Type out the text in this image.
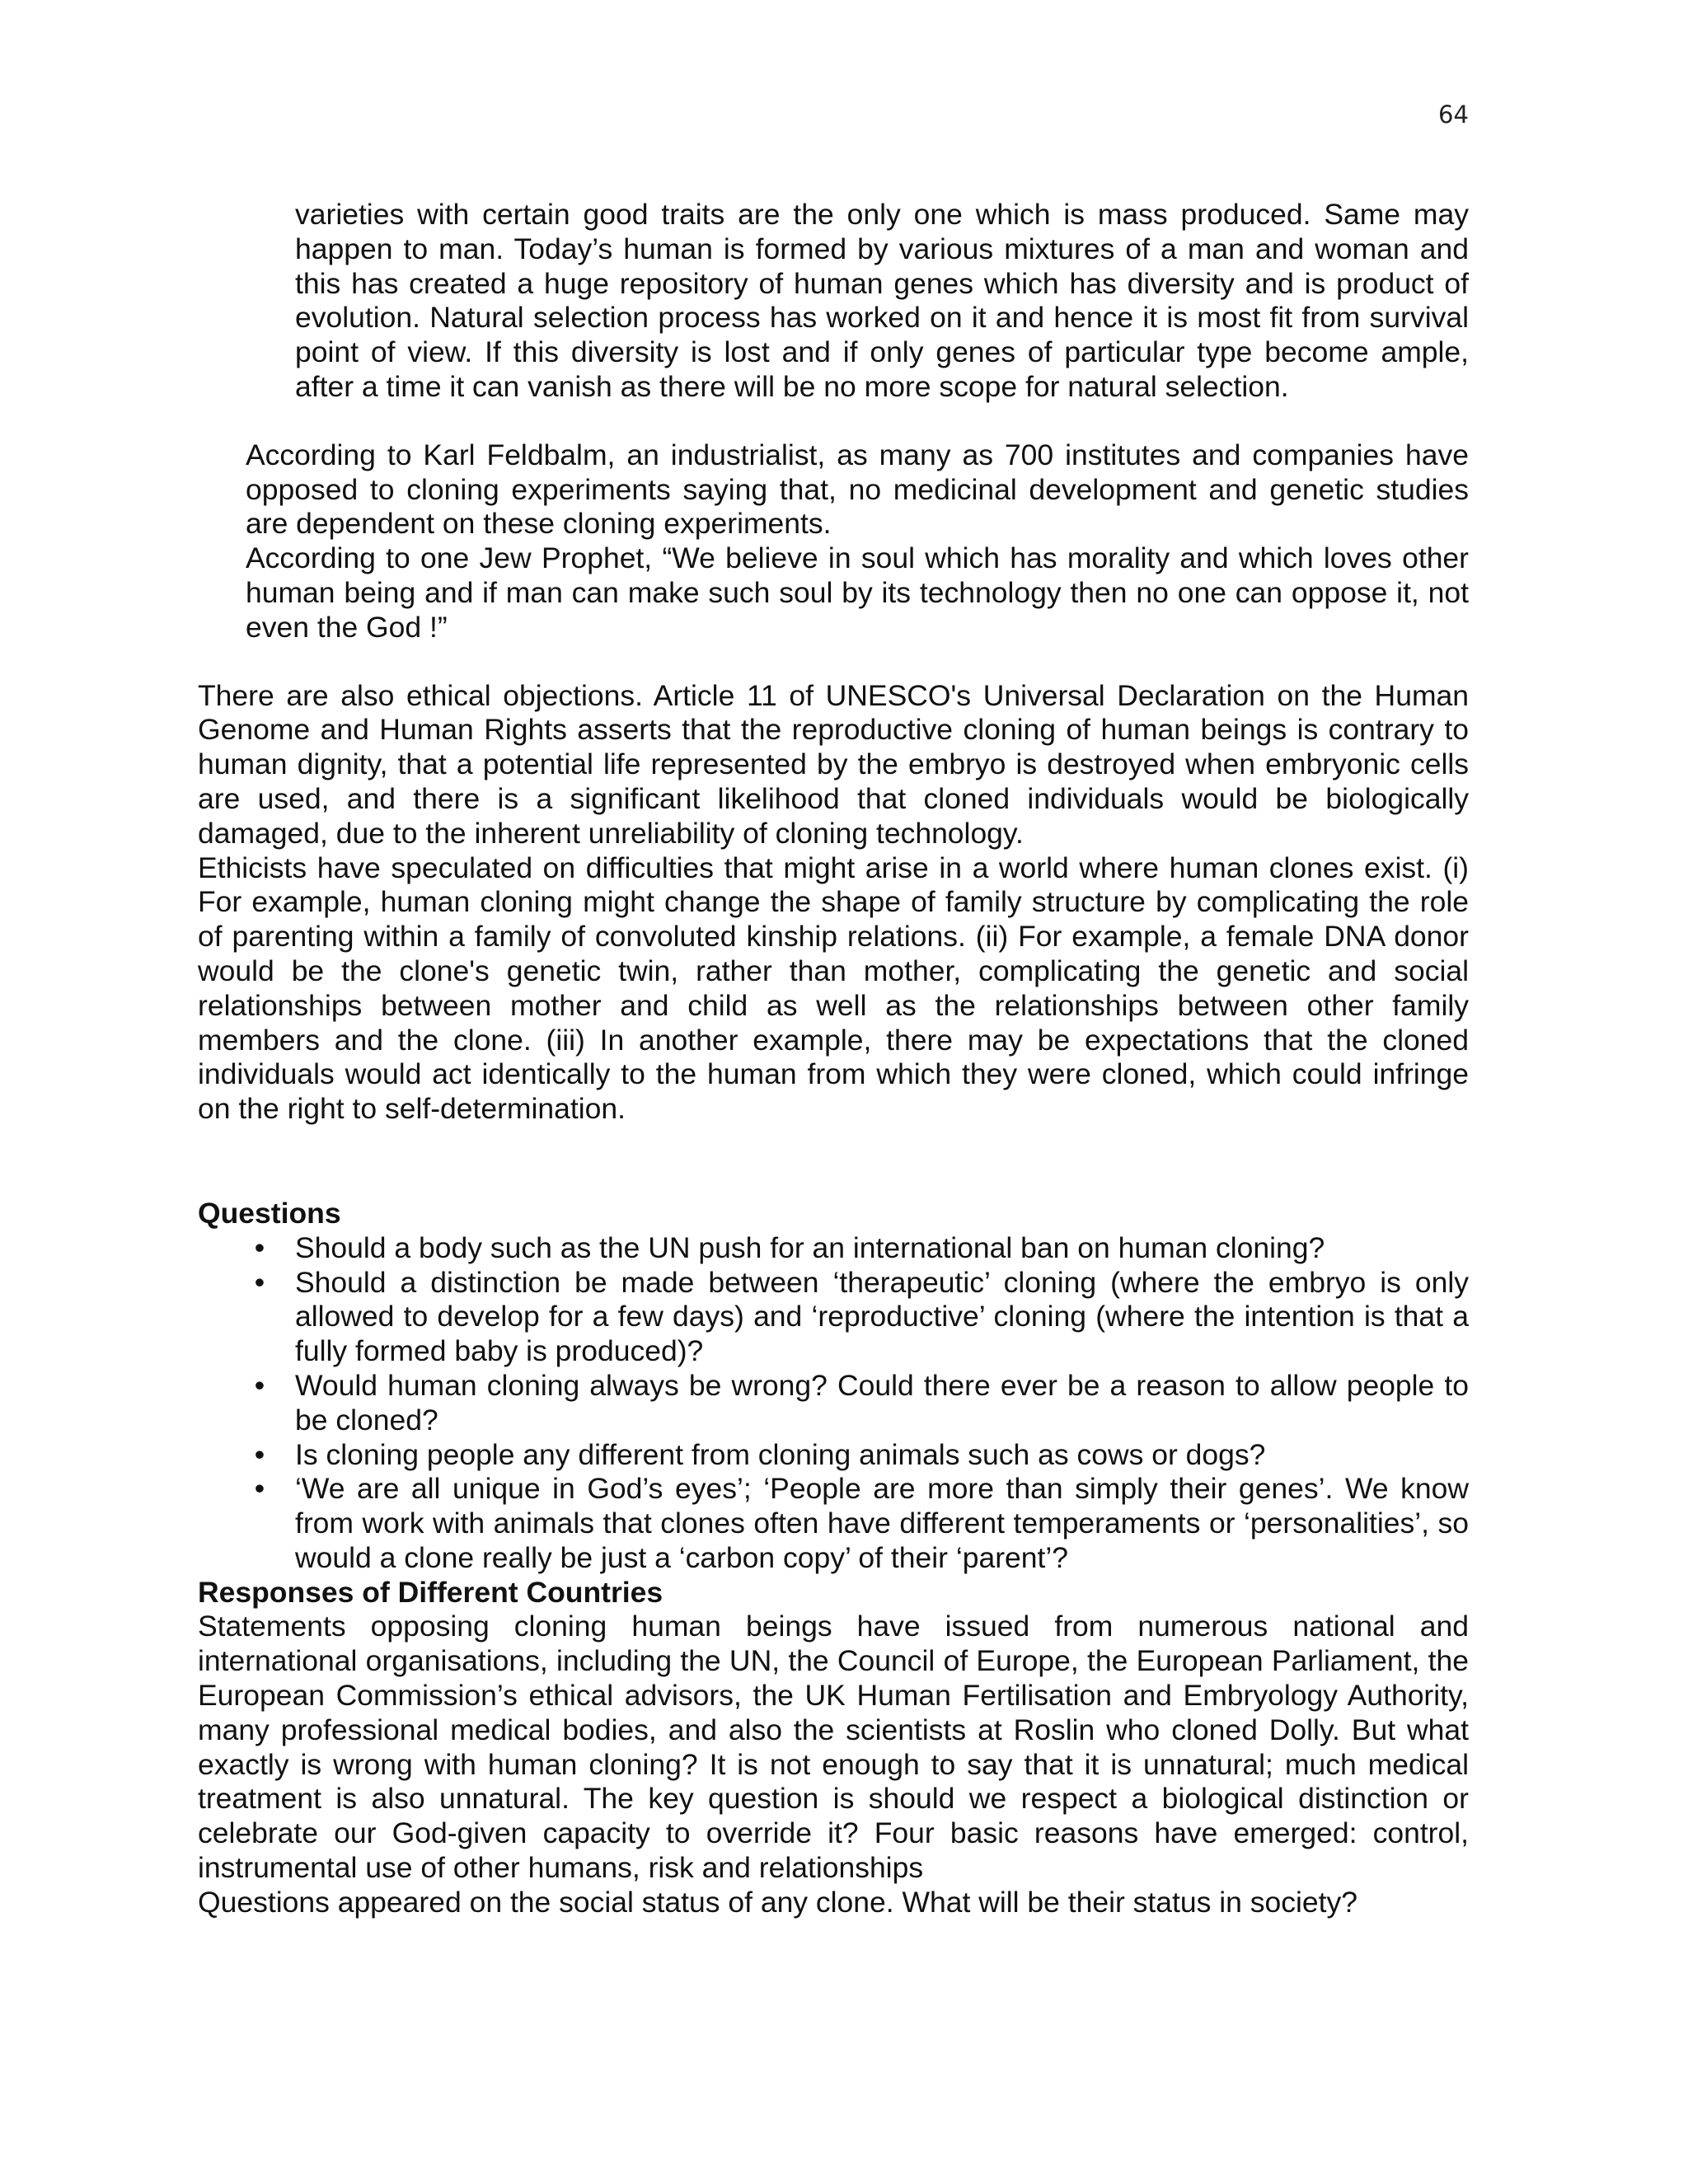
64

varieties with certain good traits are the only one which is mass produced. Same may happen to man. Today’s human is formed by various mixtures of a man and woman and this has created a huge repository of human genes which has diversity and is product of evolution. Natural selection process has worked on it and hence it is most fit from survival point of view. If this diversity is lost and if only genes of particular type become ample, after a time it can vanish as there will be no more scope for natural selection.

According to Karl Feldbalm, an industrialist, as many as 700 institutes and companies have opposed to cloning experiments saying that, no medicinal development and genetic studies are dependent on these cloning experiments.

According to one Jew Prophet, “We believe in soul which has morality and which loves other human being and if man can make such soul by its technology then no one can oppose it, not even the God !”

There are also ethical objections. Article 11 of UNESCO's Universal Declaration on the Human Genome and Human Rights asserts that the reproductive cloning of human beings is contrary to human dignity, that a potential life represented by the embryo is destroyed when embryonic cells are used, and there is a significant likelihood that cloned individuals would be biologically damaged, due to the inherent unreliability of cloning technology.

Ethicists have speculated on difficulties that might arise in a world where human clones exist. (i) For example, human cloning might change the shape of family structure by complicating the role of parenting within a family of convoluted kinship relations. (ii) For example, a female DNA donor would be the clone's genetic twin, rather than mother, complicating the genetic and social relationships between mother and child as well as the relationships between other family members and the clone. (iii) In another example, there may be expectations that the cloned individuals would act identically to the human from which they were cloned, which could infringe on the right to self-determination.

Questions
• Should a body such as the UN push for an international ban on human cloning?
• Should a distinction be made between ‘therapeutic’ cloning (where the embryo is only allowed to develop for a few days) and ‘reproductive’ cloning (where the intention is that a fully formed baby is produced)?
• Would human cloning always be wrong? Could there ever be a reason to allow people to be cloned?
• Is cloning people any different from cloning animals such as cows or dogs?
• ‘We are all unique in God’s eyes’; ‘People are more than simply their genes’. We know from work with animals that clones often have different temperaments or ‘personalities’, so would a clone really be just a ‘carbon copy’ of their ‘parent’?
Responses of Different Countries

Statements opposing cloning human beings have issued from numerous national and international organisations, including the UN, the Council of Europe, the European Parliament, the European Commission’s ethical advisors, the UK Human Fertilisation and Embryology Authority, many professional medical bodies, and also the scientists at Roslin who cloned Dolly. But what exactly is wrong with human cloning? It is not enough to say that it is unnatural; much medical treatment is also unnatural. The key question is should we respect a biological distinction or celebrate our God-given capacity to override it? Four basic reasons have emerged: control, instrumental use of other humans, risk and relationships

Questions appeared on the social status of any clone. What will be their status in society?
